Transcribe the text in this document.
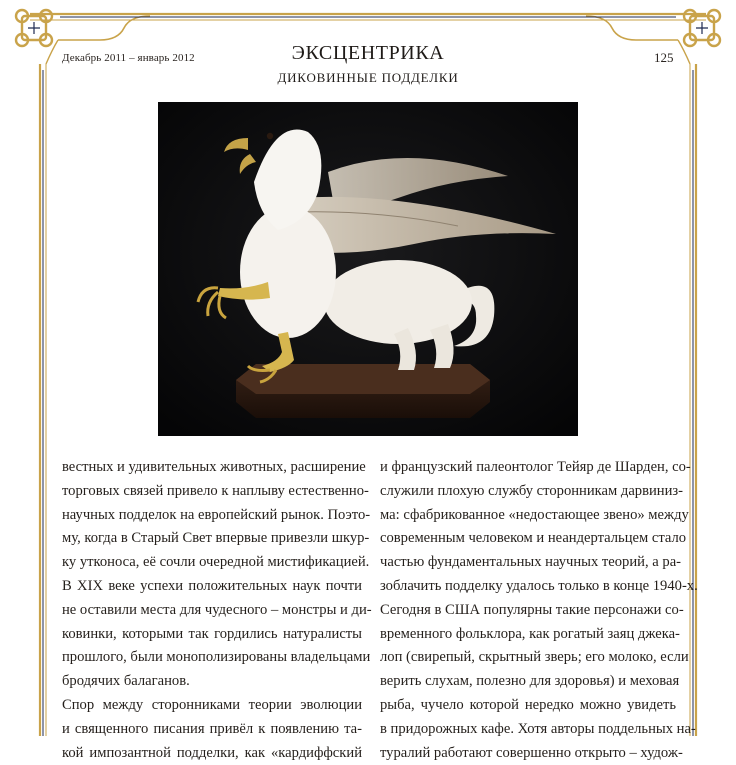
Декабрь 2011 – январь 2012	ЭКСЦЕНТРИКА
ДИКОВИННЫЕ ПОДДЕЛКИ
125
вестных и удивительных животных, расширение
торговых связей привело к наплыву естественно-
научных подделок на европейский рынок. Поэто-
му, когда в Старый Свет впервые привезли шкур-
ку утконоса, её сочли очередной мистификацией.
В XIX веке успехи положительных наук почти
не оставили места для чудесного – монстры и ди-
ковинки, которыми так гордились натуралисты
прошлого, были монополизированы владельцами
бродячих балаганов.
Спор между сторонниками теории эволюции
и священного писания привёл к появлению та-
кой импозантной подделки, как «кардиффский
и французский палеонтолог Тейяр де Шарден, со-
служили плохую службу сторонникам дарвиниз-
ма: сфабрикованное «недостающее звено» между
современным человеком и неандертальцем стало
частью фундаментальных научных теорий, а ра-
зоблачить подделку удалось только в конце 1940-х.
Сегодня в США популярны такие персонажи со-
временного фольклора, как рогатый заяц джека-
лоп (свирепый, скрытный зверь; его молоко, если
верить слухам, полезно для здоровья) и меховая
рыба, чучело которой нередко можно увидеть
в придорожных кафе. Хотя авторы поддельных на-
туралий работают совершенно открыто – худож-
